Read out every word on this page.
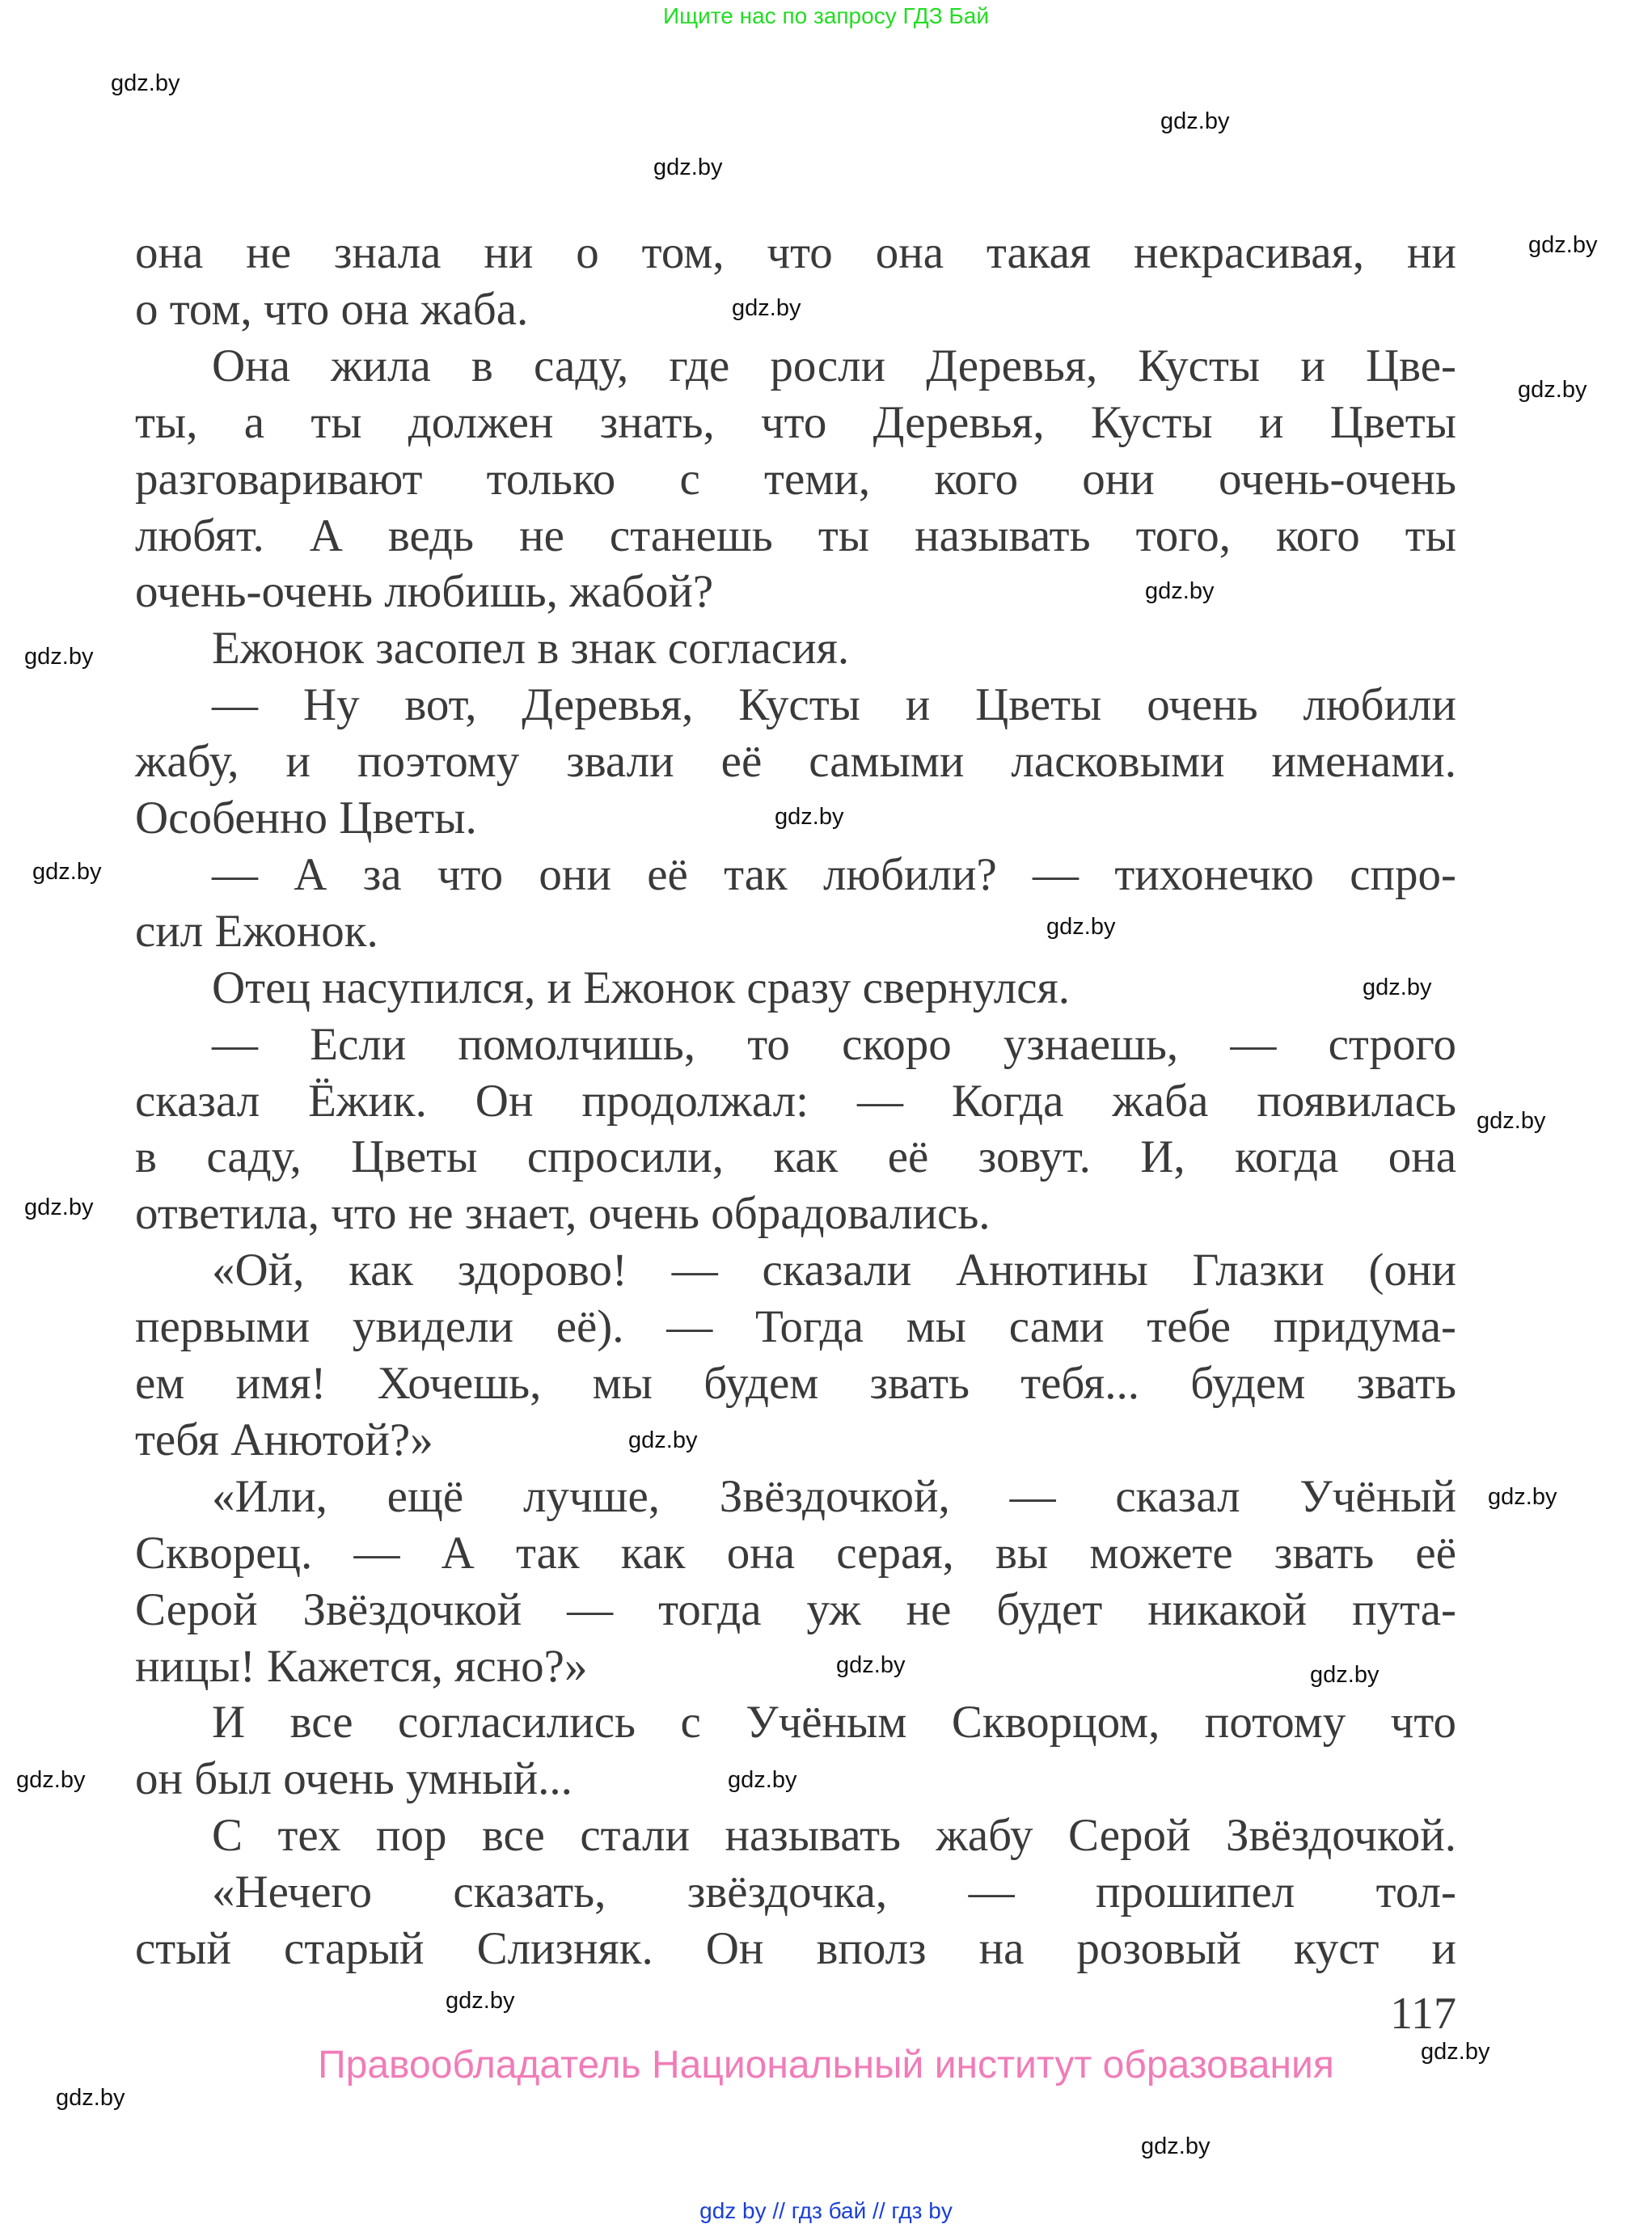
Ищите нас по запросу ГДЗ Бай
она не знала ни о том, что она такая некрасивая, ни
о том, что она жаба.
Она жила в саду, где росли Деревья, Кусты и Цве-
ты, а ты должен знать, что Деревья, Кусты и Цветы
разговаривают только с теми, кого они очень-очень
любят. А ведь не станешь ты называть того, кого ты
очень-очень любишь, жабой?
Ежонок засопел в знак согласия.
— Ну вот, Деревья, Кусты и Цветы очень любили
жабу, и поэтому звали её самыми ласковыми именами.
Особенно Цветы.
— А за что они её так любили? — тихонечко спро-
сил Ежонок.
Отец насупился, и Ежонок сразу свернулся.
— Если помолчишь, то скоро узнаешь, — строго
сказал Ёжик. Он продолжал: — Когда жаба появилась
в саду, Цветы спросили, как её зовут. И, когда она
ответила, что не знает, очень обрадовались.
«Ой, как здорово! — сказали Анютины Глазки (они
первыми увидели её). — Тогда мы сами тебе придума-
ем имя! Хочешь, мы будем звать тебя... будем звать
тебя Анютой?»
«Или, ещё лучше, Звёздочкой, — сказал Учёный
Скворец. — А так как она серая, вы можете звать её
Серой Звёздочкой — тогда уж не будет никакой пута-
ницы! Кажется, ясно?»
И все согласились с Учёным Скворцом, потому что
он был очень умный...
С тех пор все стали называть жабу Серой Звёздочкой.
«Нечего сказать, звёздочка, — прошипел тол-
стый старый Слизняк. Он вполз на розовый куст и
117
Правообладатель Национальный институт образования
gdz.by
gdz.by
gdz.by
gdz.by
gdz.by
gdz.by
gdz.by
gdz.by
gdz.by
gdz.by
gdz.by
gdz.by
gdz.by
gdz.by
gdz.by
gdz.by
gdz.by	gdz.by
gdz.by
gdz.by
gdz.by
gdz.by
gdz.by
gdz.by
gdz by // гдз бай // гдз by
